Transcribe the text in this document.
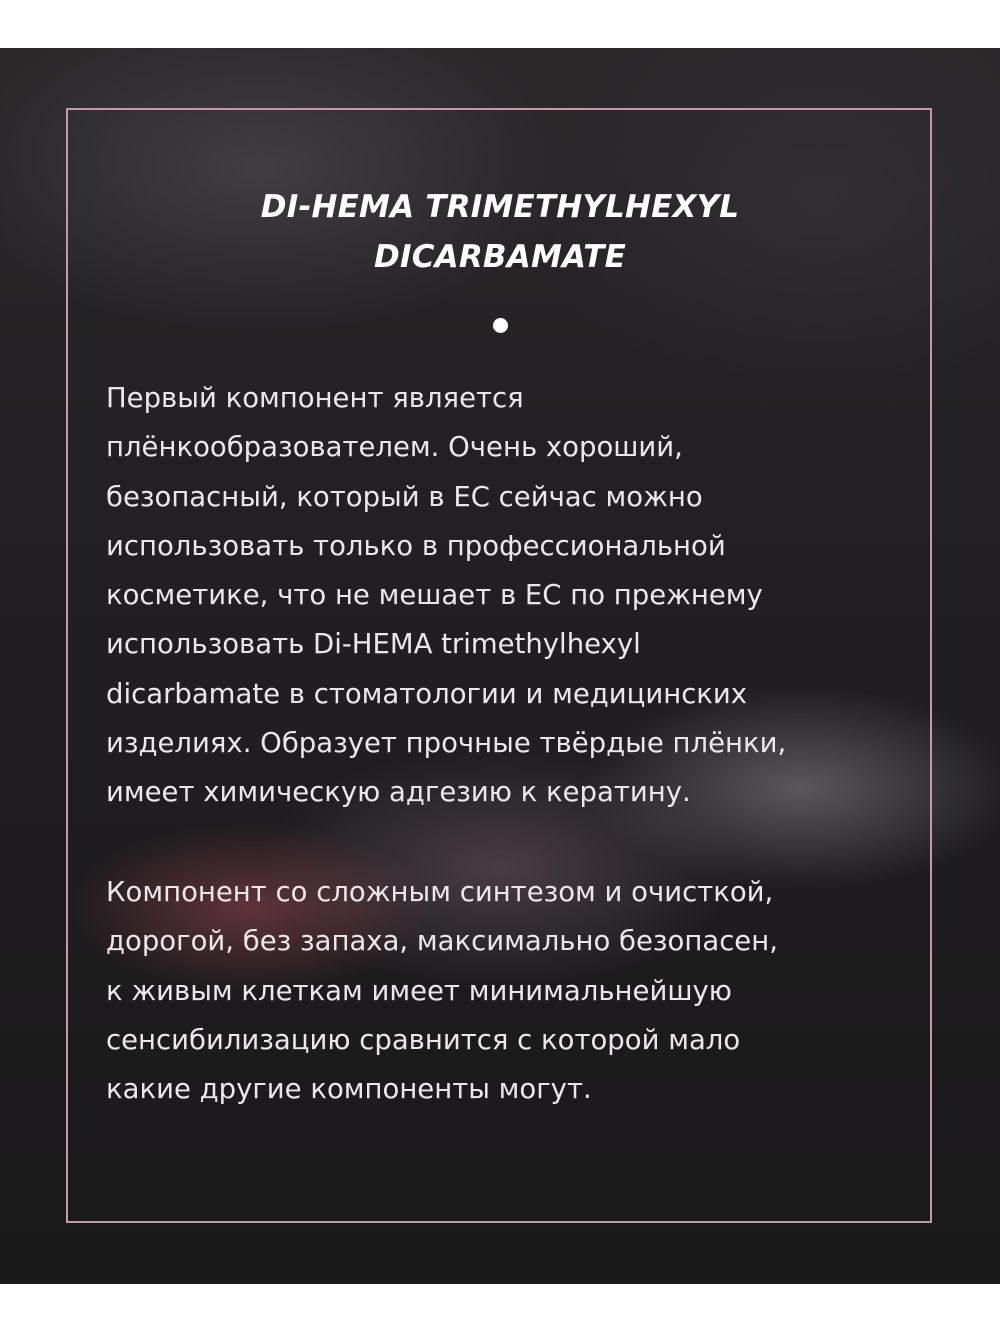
DI-HEMA TRIMETHYLHEXYL
DICARBAMATE

Первый компонент является
плёнкообразователем. Очень хороший,
безопасный, который в ЕС сейчас можно
использовать только в профессиональной
косметике, что не мешает в ЕС по прежнему
использовать Di-HEMA trimethylhexyl
dicarbamate в стоматологии и медицинских
изделиях. Образует прочные твёрдые плёнки,
имеет химическую адгезию к кератину.

Компонент со сложным синтезом и очисткой,
дорогой, без запаха, максимально безопасен,
к живым клеткам имеет минимальнейшую
сенсибилизацию сравнится с которой мало
какие другие компоненты могут.
